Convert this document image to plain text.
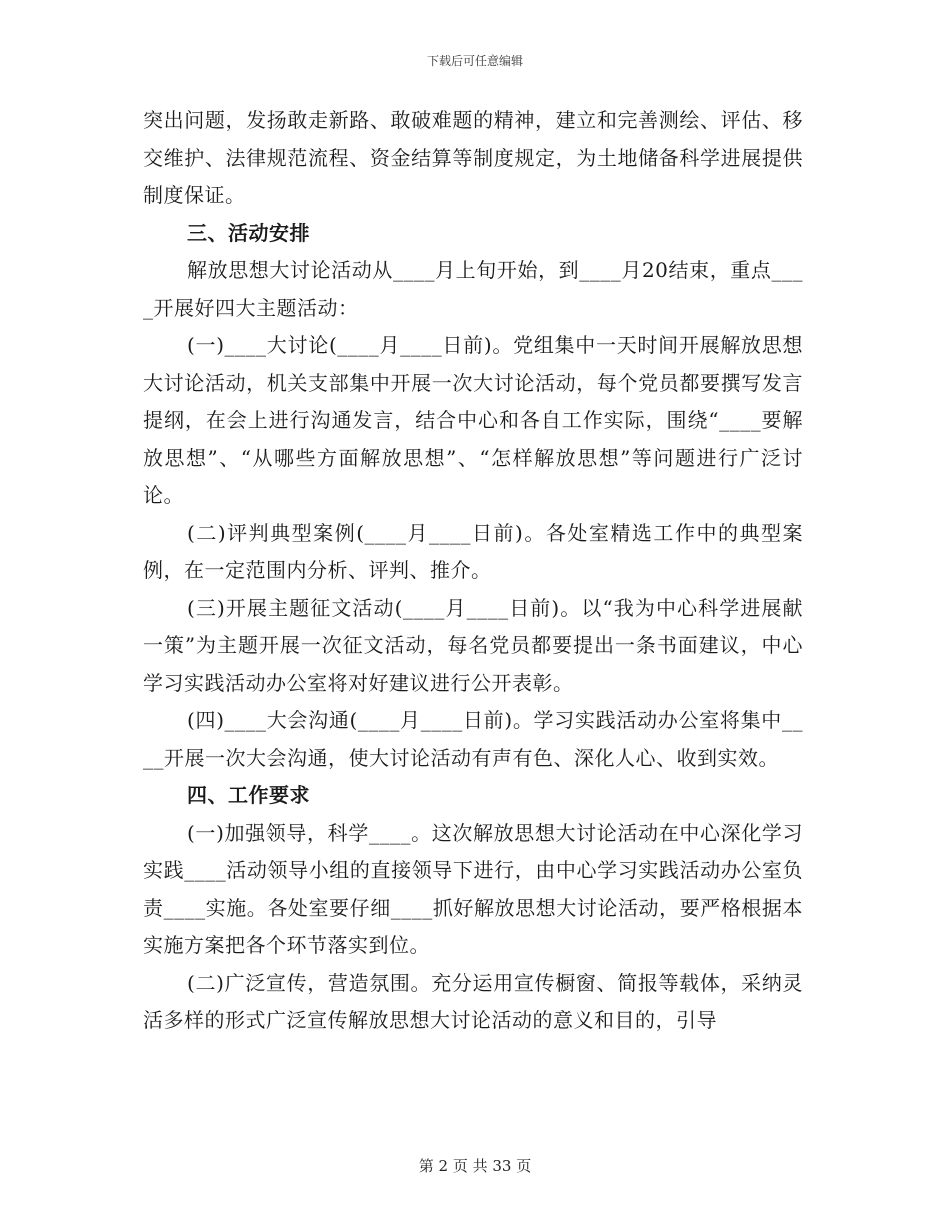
下载后可任意编辑

突出问题，发扬敢走新路、敢破难题的精神，建立和完善测绘、评估、移交维护、法律规范流程、资金结算等制度规定，为土地储备科学进展提供制度保证。

三、活动安排

解放思想大讨论活动从____月上旬开始，到____月20结束，重点____开展好四大主题活动：

(一)____大讨论(____月____日前)。党组集中一天时间开展解放思想大讨论活动，机关支部集中开展一次大讨论活动，每个党员都要撰写发言提纲，在会上进行沟通发言，结合中心和各自工作实际，围绕“____要解放思想”、“从哪些方面解放思想”、“怎样解放思想”等问题进行广泛讨论。

(二)评判典型案例(____月____日前)。各处室精选工作中的典型案例，在一定范围内分析、评判、推介。

(三)开展主题征文活动(____月____日前)。以“我为中心科学进展献一策”为主题开展一次征文活动，每名党员都要提出一条书面建议，中心学习实践活动办公室将对好建议进行公开表彰。

(四)____大会沟通(____月____日前)。学习实践活动办公室将集中____开展一次大会沟通，使大讨论活动有声有色、深化人心、收到实效。

四、工作要求

(一)加强领导，科学____。这次解放思想大讨论活动在中心深化学习实践____活动领导小组的直接领导下进行，由中心学习实践活动办公室负责____实施。各处室要仔细____抓好解放思想大讨论活动，要严格根据本实施方案把各个环节落实到位。

(二)广泛宣传，营造氛围。充分运用宣传橱窗、简报等载体，采纳灵活多样的形式广泛宣传解放思想大讨论活动的意义和目的，引导

第 2 页 共 33 页
